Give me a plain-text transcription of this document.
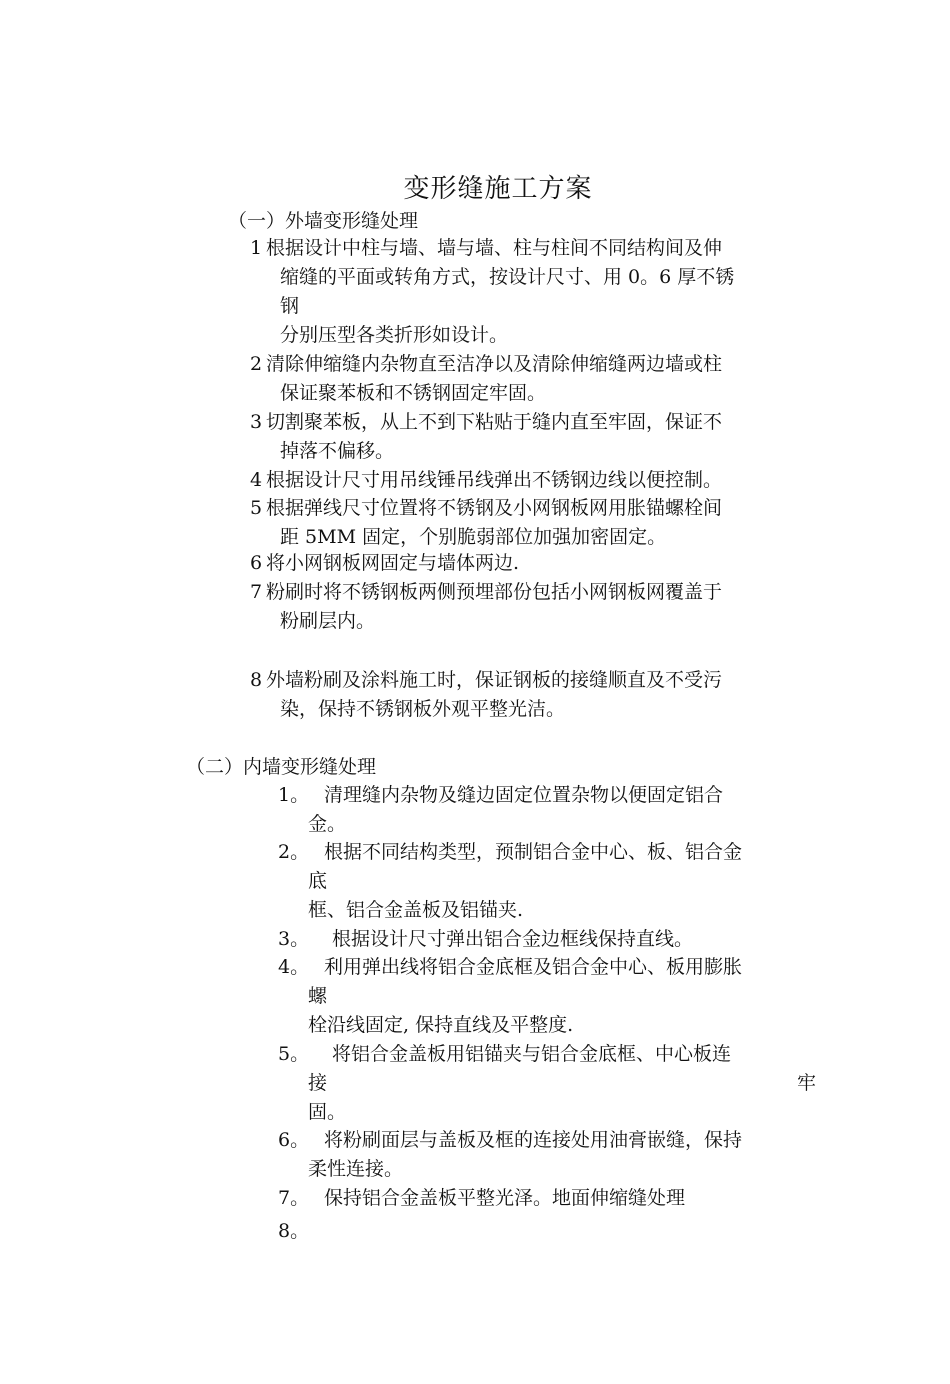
变形缝施工方案
（一）外墙变形缝处理
1 根据设计中柱与墙、墙与墙、柱与柱间不同结构间及伸
缩缝的平面或转角方式，按设计尺寸、用 0。6 厚不锈
钢
分别压型各类折形如设计。
2 清除伸缩缝内杂物直至洁净以及清除伸缩缝两边墙或柱
保证聚苯板和不锈钢固定牢固。
3 切割聚苯板，从上不到下粘贴于缝内直至牢固，保证不
掉落不偏移。
4 根据设计尺寸用吊线锤吊线弹出不锈钢边线以便控制。
5 根据弹线尺寸位置将不锈钢及小网钢板网用胀锚螺栓间
距 5MM 固定，个别脆弱部位加强加密固定。
6 将小网钢板网固定与墙体两边.
7 粉刷时将不锈钢板两侧预埋部份包括小网钢板网覆盖于
粉刷层内。
8 外墙粉刷及涂料施工时，保证钢板的接缝顺直及不受污
染，保持不锈钢板外观平整光洁。
（二）内墙变形缝处理
1。 清理缝内杂物及缝边固定位置杂物以便固定铝合
金。
2。 根据不同结构类型，预制铝合金中心、板、铝合金
底
框、铝合金盖板及铝锚夹.
3。	根据设计尺寸弹出铝合金边框线保持直线。
4。 利用弹出线将铝合金底框及铝合金中心、板用膨胀
螺
栓沿线固定, 保持直线及平整度.
5。	将铝合金盖板用铝锚夹与铝合金底框、中心板连
接	牢
固。
6。 将粉刷面层与盖板及框的连接处用油膏嵌缝，保持
柔性连接。
7。 保持铝合金盖板平整光泽。地面伸缩缝处理
8。
